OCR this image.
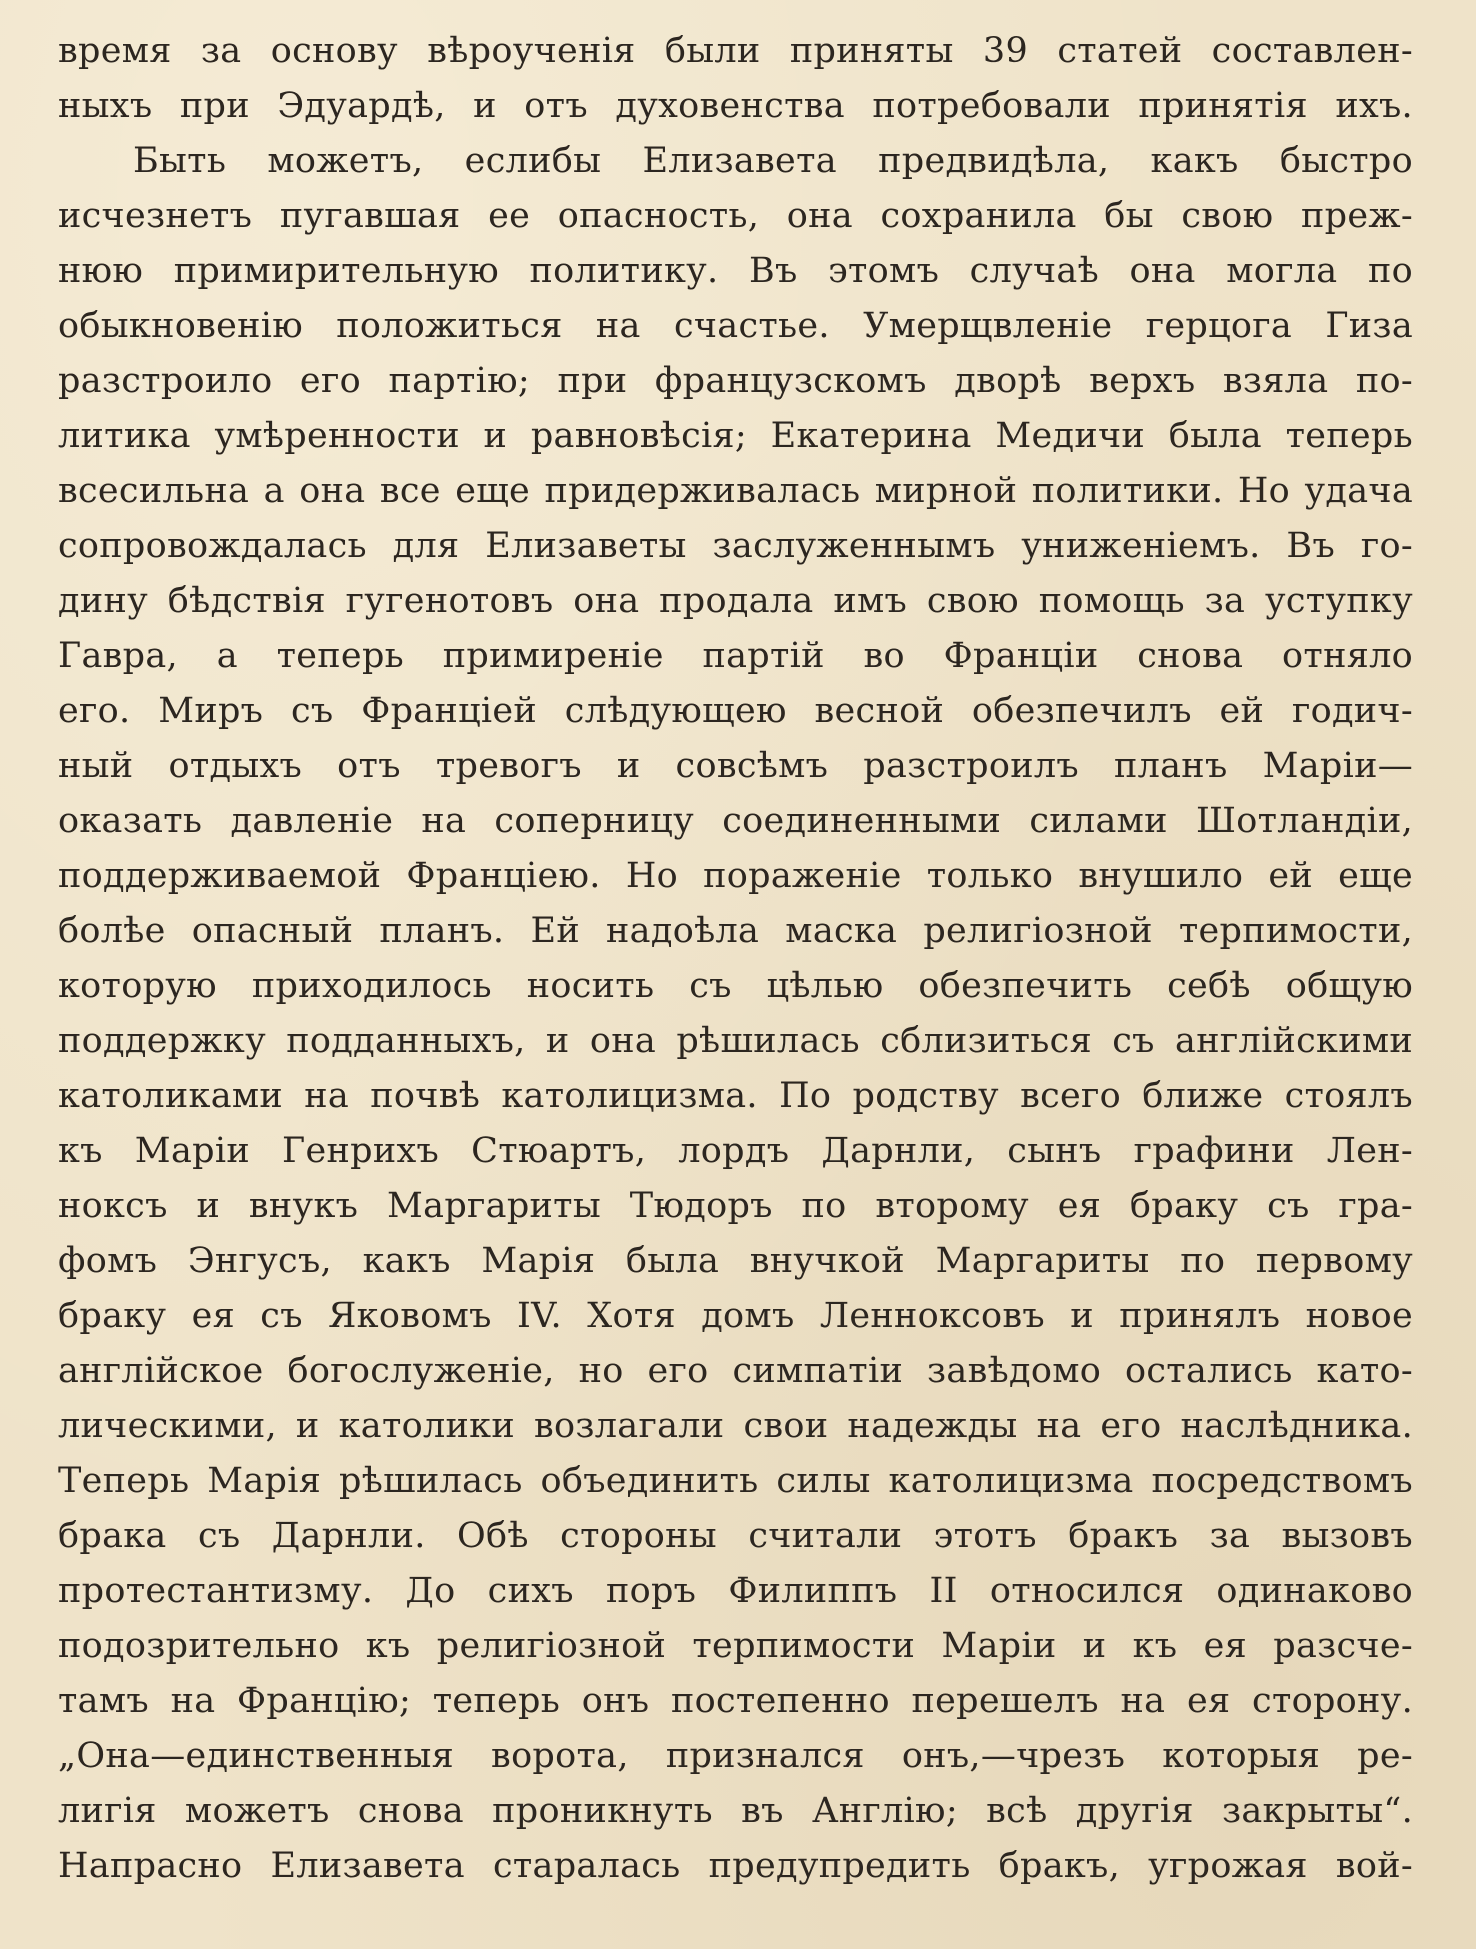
время за основу вѣроученія были приняты 39 статей составлен-
ныхъ при Эдуардѣ, и отъ духовенства потребовали принятія ихъ.
Быть можетъ, еслибы Елизавета предвидѣла, какъ быстро
исчезнетъ пугавшая ее опасность, она сохранила бы свою преж-
нюю примирительную политику. Въ этомъ случаѣ она могла по
обыкновенію положиться на счастье. Умерщвленіе герцога Гиза
разстроило его партію; при французскомъ дворѣ верхъ взяла по-
литика умѣренности и равновѣсія; Екатерина Медичи была теперь
всесильна а она все еще придерживалась мирной политики. Но удача
сопровождалась для Елизаветы заслуженнымъ униженіемъ. Въ го-
дину бѣдствія гугенотовъ она продала имъ свою помощь за уступку
Гавра, а теперь примиреніе партій во Франціи снова отняло
его. Миръ съ Франціей слѣдующею весной обезпечилъ ей годич-
ный отдыхъ отъ тревогъ и совсѣмъ разстроилъ планъ Маріи—
оказать давленіе на соперницу соединенными силами Шотландіи,
поддерживаемой Франціею. Но пораженіе только внушило ей еще
болѣе опасный планъ. Ей надоѣла маска религіозной терпимости,
которую приходилось носить съ цѣлью обезпечить себѣ общую
поддержку подданныхъ, и она рѣшилась сблизиться съ англійскими
католиками на почвѣ католицизма. По родству всего ближе стоялъ
къ Маріи Генрихъ Стюартъ, лордъ Дарнли, сынъ графини Лен-
ноксъ и внукъ Маргариты Тюдоръ по второму ея браку съ гра-
фомъ Энгусъ, какъ Марія была внучкой Маргариты по первому
браку ея съ Яковомъ IV. Хотя домъ Ленноксовъ и принялъ новое
англійское богослуженіе, но его симпатіи завѣдомо остались като-
лическими, и католики возлагали свои надежды на его наслѣдника.
Теперь Марія рѣшилась объединить силы католицизма посредствомъ
брака съ Дарнли. Обѣ стороны считали этотъ бракъ за вызовъ
протестантизму. До сихъ поръ Филиппъ II относился одинаково
подозрительно къ религіозной терпимости Маріи и къ ея разсче-
тамъ на Францію; теперь онъ постепенно перешелъ на ея сторону.
„Она—единственныя ворота, признался онъ,—чрезъ которыя ре-
лигія можетъ снова проникнуть въ Англію; всѣ другія закрыты“.
Напрасно Елизавета старалась предупредить бракъ, угрожая вой-
